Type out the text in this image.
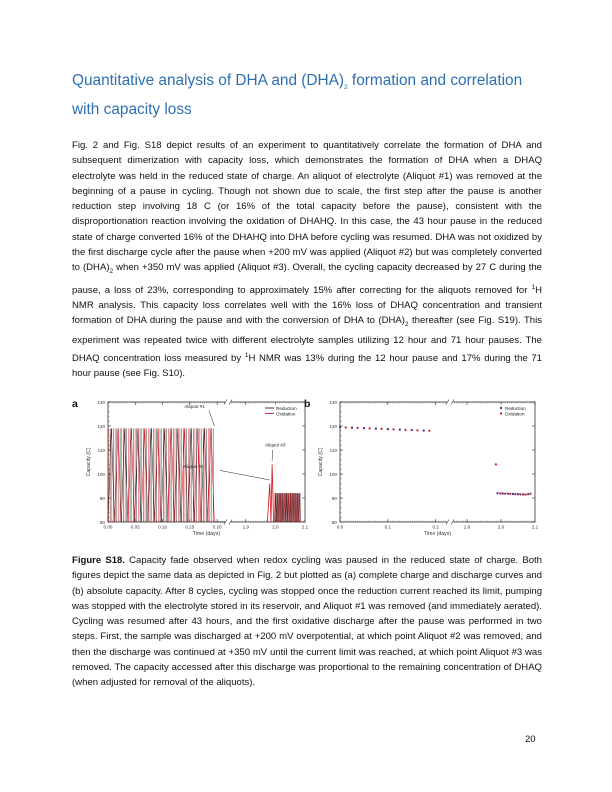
Quantitative analysis of DHA and $(DHA)_2$ formation and correlation with capacity loss

Fig. 2 and Fig. S18 depict results of an experiment to quantitatively correlate the formation of DHA and subsequent dimerization with capacity loss, which demonstrates the formation of DHA when a DHAQ electrolyte was held in the reduced state of charge. An aliquot of electrolyte (Aliquot #1) was removed at the beginning of a pause in cycling. Though not shown due to scale, the first step after the pause is another reduction step involving 18 C (or 16% of the total capacity before the pause), consistent with the disproportionation reaction involving the oxidation of DHAHQ. In this case, the 43 hour pause in the reduced state of charge converted 16% of the DHAHQ into DHA before cycling was resumed. DHA was not oxidized by the first discharge cycle after the pause when +200 mV was applied (Aliquot #2) but was completely converted to $(DHA)_2$ when +350 mV was applied (Aliquot #3). Overall, the cycling capacity decreased by 27 C during the pause, a loss of 23%, corresponding to approximately 15% after correcting for the aliquots removed for $^1$H NMR analysis. This capacity loss correlates well with the 16% loss of DHAQ concentration and transient formation of DHA during the pause and with the conversion of DHA to $(DHA)_2$ thereafter (see Fig. S19). This experiment was repeated twice with different electrolyte samples utilizing 12 hour and 71 hour pauses. The DHAQ concentration loss measured by $^1$H NMR was 13% during the 12 hour pause and 17% during the 71 hour pause (see Fig. S10).

a	b
80
90
100
110
120
130
0.00	0.05	0.10	0.15	0.20	1.9	2.0	2.1
Time (days)
Capacity (C)
Aliquot #1
Aliquot #3
Aliquot #2
Reduction
Oxidation
80
90
100
110
120
130
0.0	0.1	0.2	1.9	2.0	2.1
Time (days)
Capacity (C)
Reduction
Oxidation

Figure S18. Capacity fade observed when redox cycling was paused in the reduced state of charge. Both figures depict the same data as depicted in Fig. 2 but plotted as (a) complete charge and discharge curves and (b) absolute capacity. After 8 cycles, cycling was stopped once the reduction current reached its limit, pumping was stopped with the electrolyte stored in its reservoir, and Aliquot #1 was removed (and immediately aerated). Cycling was resumed after 43 hours, and the first oxidative discharge after the pause was performed in two steps. First, the sample was discharged at +200 mV overpotential, at which point Aliquot #2 was removed, and then the discharge was continued at +350 mV until the current limit was reached, at which point Aliquot #3 was removed. The capacity accessed after this discharge was proportional to the remaining concentration of DHAQ (when adjusted for removal of the aliquots).

20
